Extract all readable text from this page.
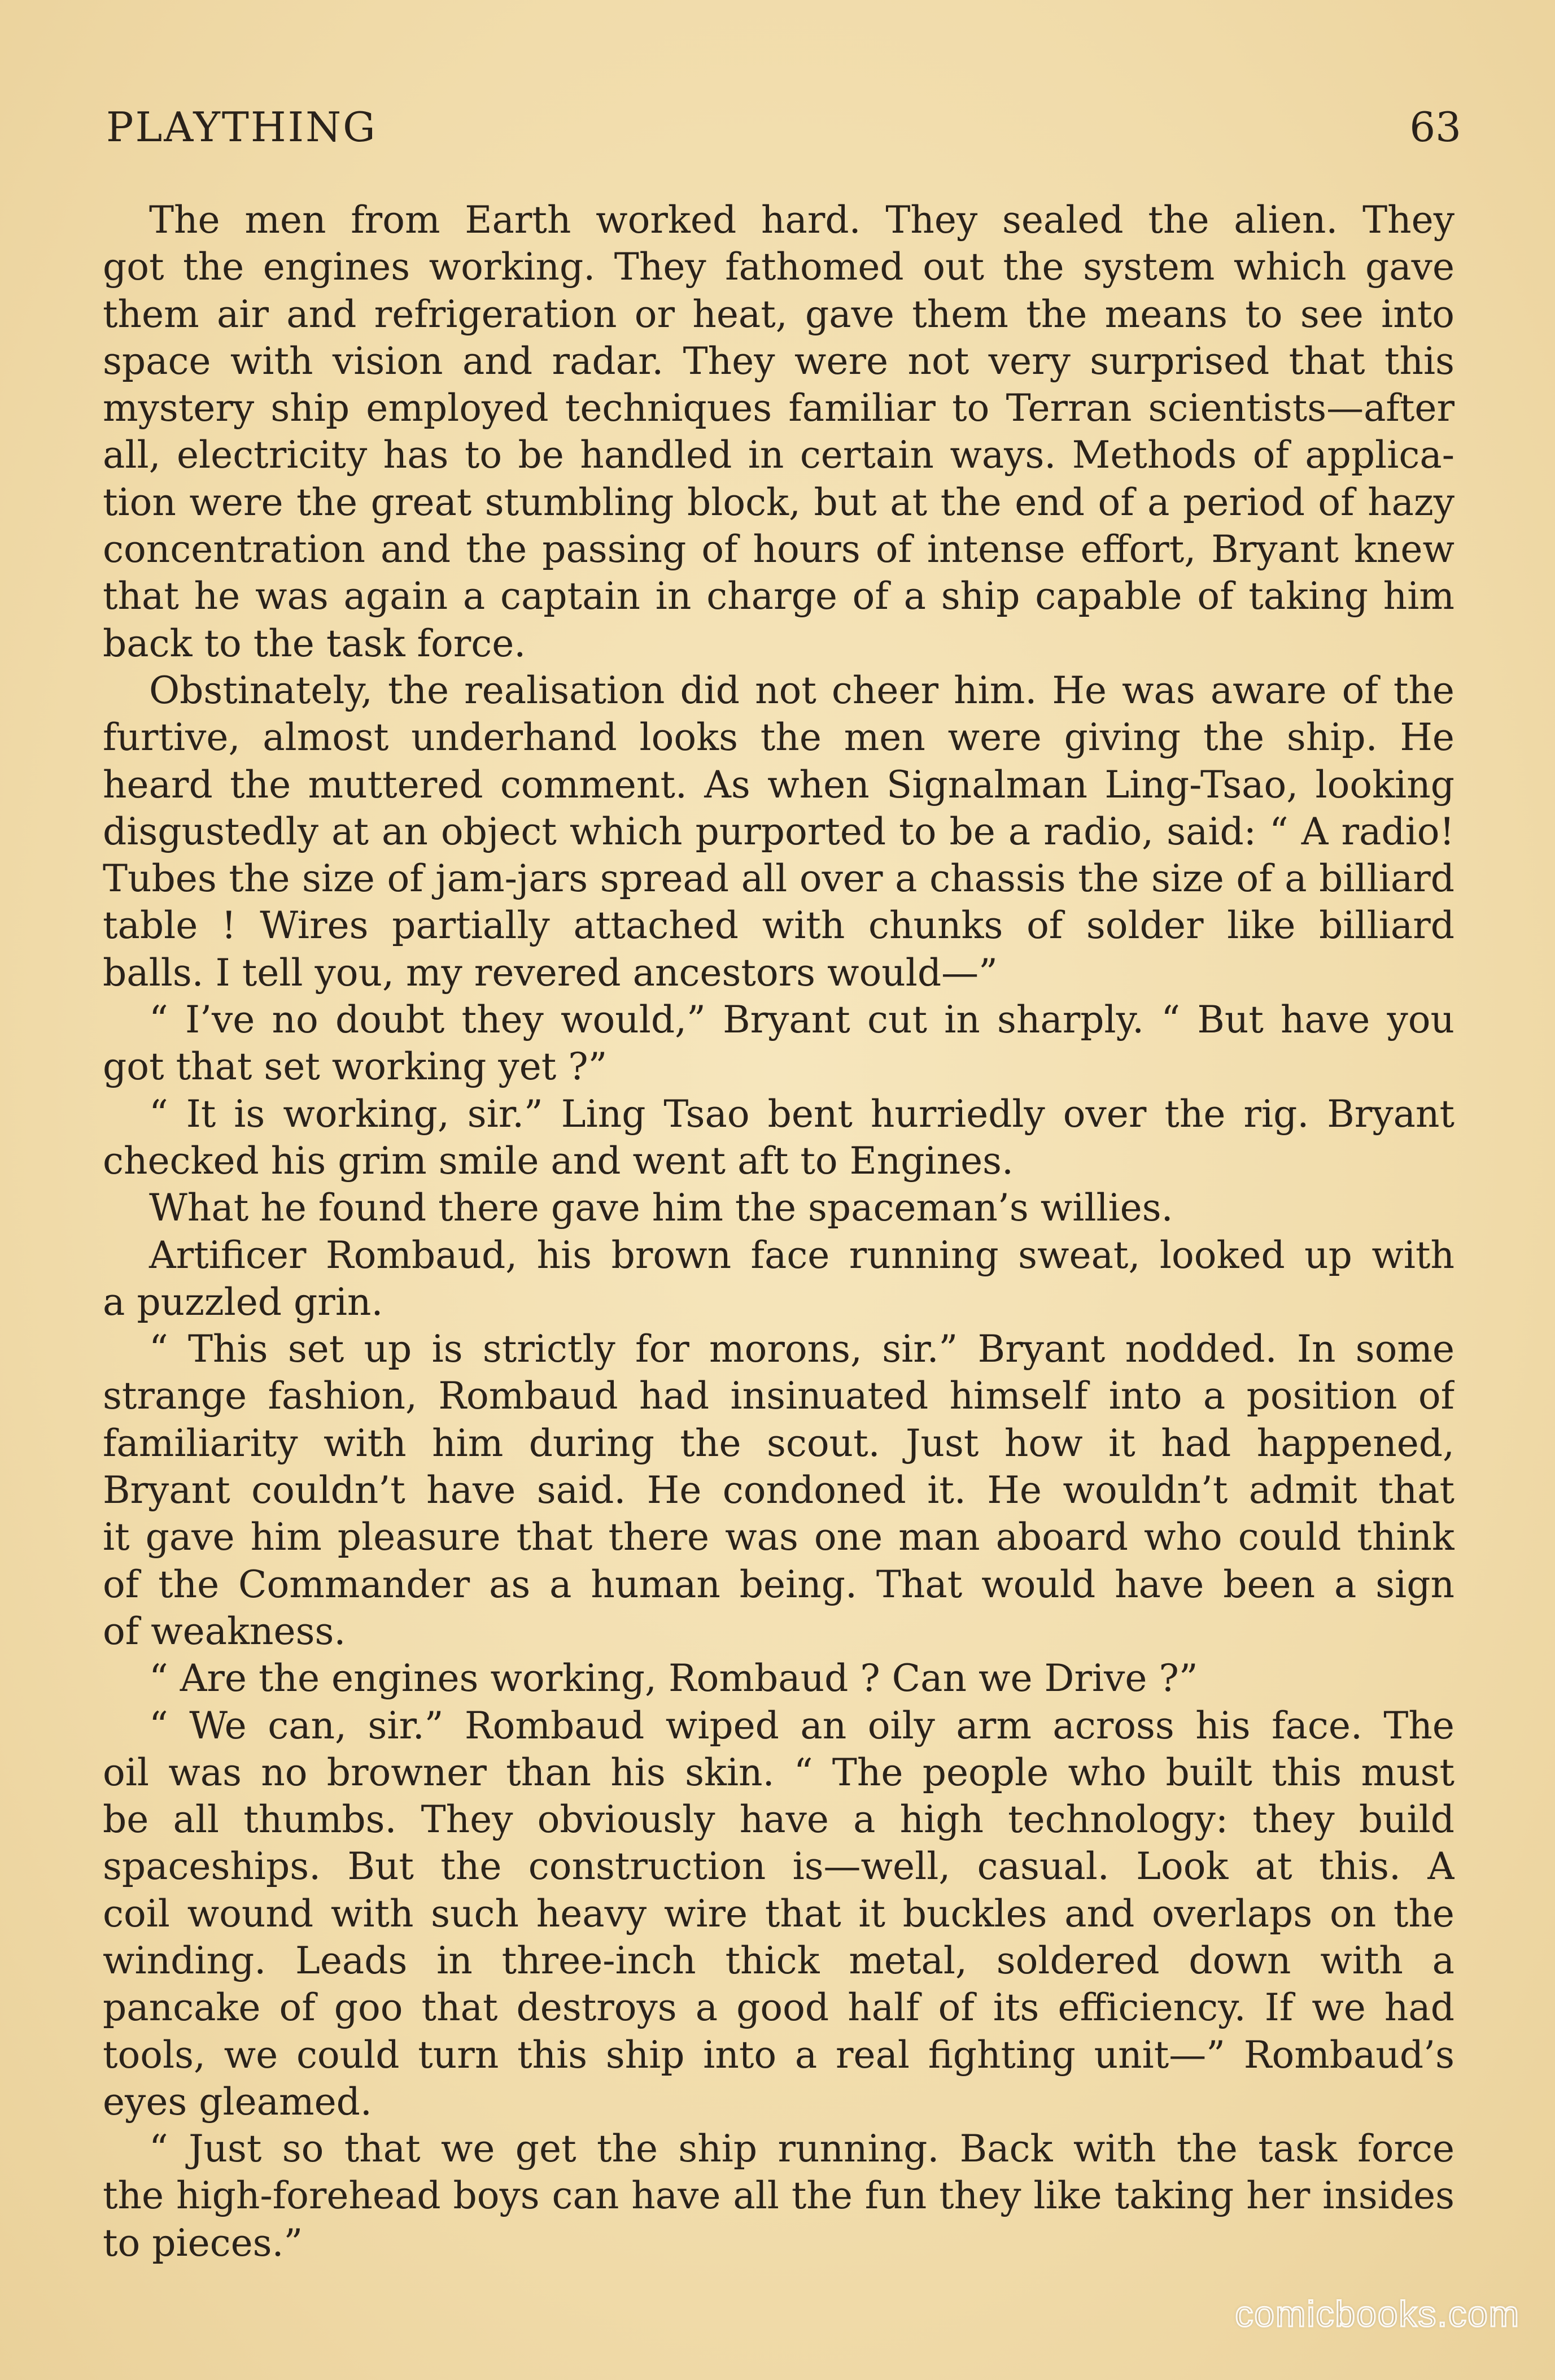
PLAYTHING	63
The men from Earth worked hard. They sealed the alien. They
got the engines working. They fathomed out the system which gave
them air and refrigeration or heat, gave them the means to see into
space with vision and radar. They were not very surprised that this
mystery ship employed techniques familiar to Terran scientists—after
all, electricity has to be handled in certain ways. Methods of applica-
tion were the great stumbling block, but at the end of a period of hazy
concentration and the passing of hours of intense effort, Bryant knew
that he was again a captain in charge of a ship capable of taking him
back to the task force.
Obstinately, the realisation did not cheer him. He was aware of the
furtive, almost underhand looks the men were giving the ship. He
heard the muttered comment. As when Signalman Ling-Tsao, looking
disgustedly at an object which purported to be a radio, said: “ A radio!
Tubes the size of jam-jars spread all over a chassis the size of a billiard
table ! Wires partially attached with chunks of solder like billiard
balls. I tell you, my revered ancestors would—”
“ I’ve no doubt they would,” Bryant cut in sharply. “ But have you
got that set working yet ?”
“ It is working, sir.” Ling Tsao bent hurriedly over the rig. Bryant
checked his grim smile and went aft to Engines.
What he found there gave him the spaceman’s willies.
Artificer Rombaud, his brown face running sweat, looked up with
a puzzled grin.
“ This set up is strictly for morons, sir.” Bryant nodded. In some
strange fashion, Rombaud had insinuated himself into a position of
familiarity with him during the scout. Just how it had happened,
Bryant couldn’t have said. He condoned it. He wouldn’t admit that
it gave him pleasure that there was one man aboard who could think
of the Commander as a human being. That would have been a sign
of weakness.
“ Are the engines working, Rombaud ? Can we Drive ?”
“ We can, sir.” Rombaud wiped an oily arm across his face. The
oil was no browner than his skin. “ The people who built this must
be all thumbs. They obviously have a high technology: they build
spaceships. But the construction is—well, casual. Look at this. A
coil wound with such heavy wire that it buckles and overlaps on the
winding. Leads in three-inch thick metal, soldered down with a
pancake of goo that destroys a good half of its efficiency. If we had
tools, we could turn this ship into a real fighting unit—” Rombaud’s
eyes gleamed.
“ Just so that we get the ship running. Back with the task force
the high-forehead boys can have all the fun they like taking her insides
to pieces.”
comicbooks.com
